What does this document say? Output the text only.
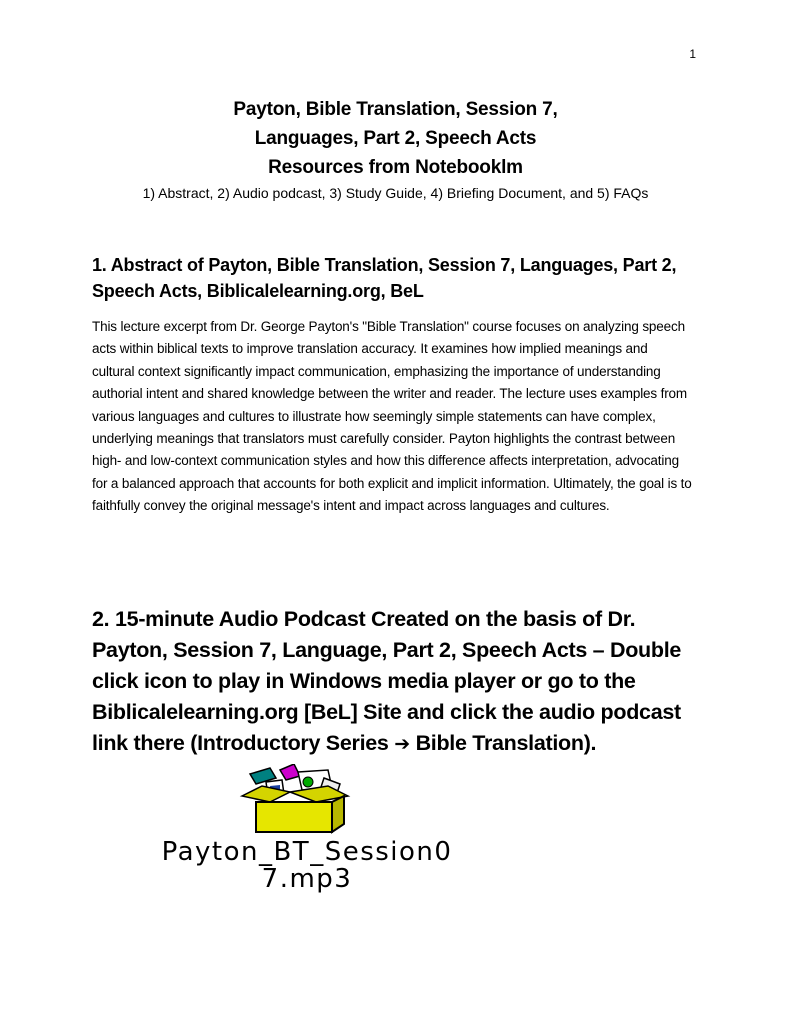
1
Payton, Bible Translation, Session 7,
Languages, Part 2, Speech Acts
Resources from Notebooklm
1) Abstract, 2) Audio podcast, 3) Study Guide, 4) Briefing Document, and 5) FAQs
1. Abstract of Payton, Bible Translation, Session 7, Languages, Part 2, Speech Acts, Biblicalelearning.org, BeL
This lecture excerpt from Dr. George Payton's "Bible Translation" course focuses on analyzing speech acts within biblical texts to improve translation accuracy. It examines how implied meanings and cultural context significantly impact communication, emphasizing the importance of understanding authorial intent and shared knowledge between the writer and reader. The lecture uses examples from various languages and cultures to illustrate how seemingly simple statements can have complex, underlying meanings that translators must carefully consider. Payton highlights the contrast between high- and low-context communication styles and how this difference affects interpretation, advocating for a balanced approach that accounts for both explicit and implicit information. Ultimately, the goal is to faithfully convey the original message's intent and impact across languages and cultures.
2. 15-minute Audio Podcast Created on the basis of Dr. Payton, Session 7, Language, Part 2, Speech Acts – Double click icon to play in Windows media player or go to the Biblicalelearning.org [BeL] Site and click the audio podcast link there (Introductory Series ➔ Bible Translation).
Payton_BT_Session0
7.mp3
